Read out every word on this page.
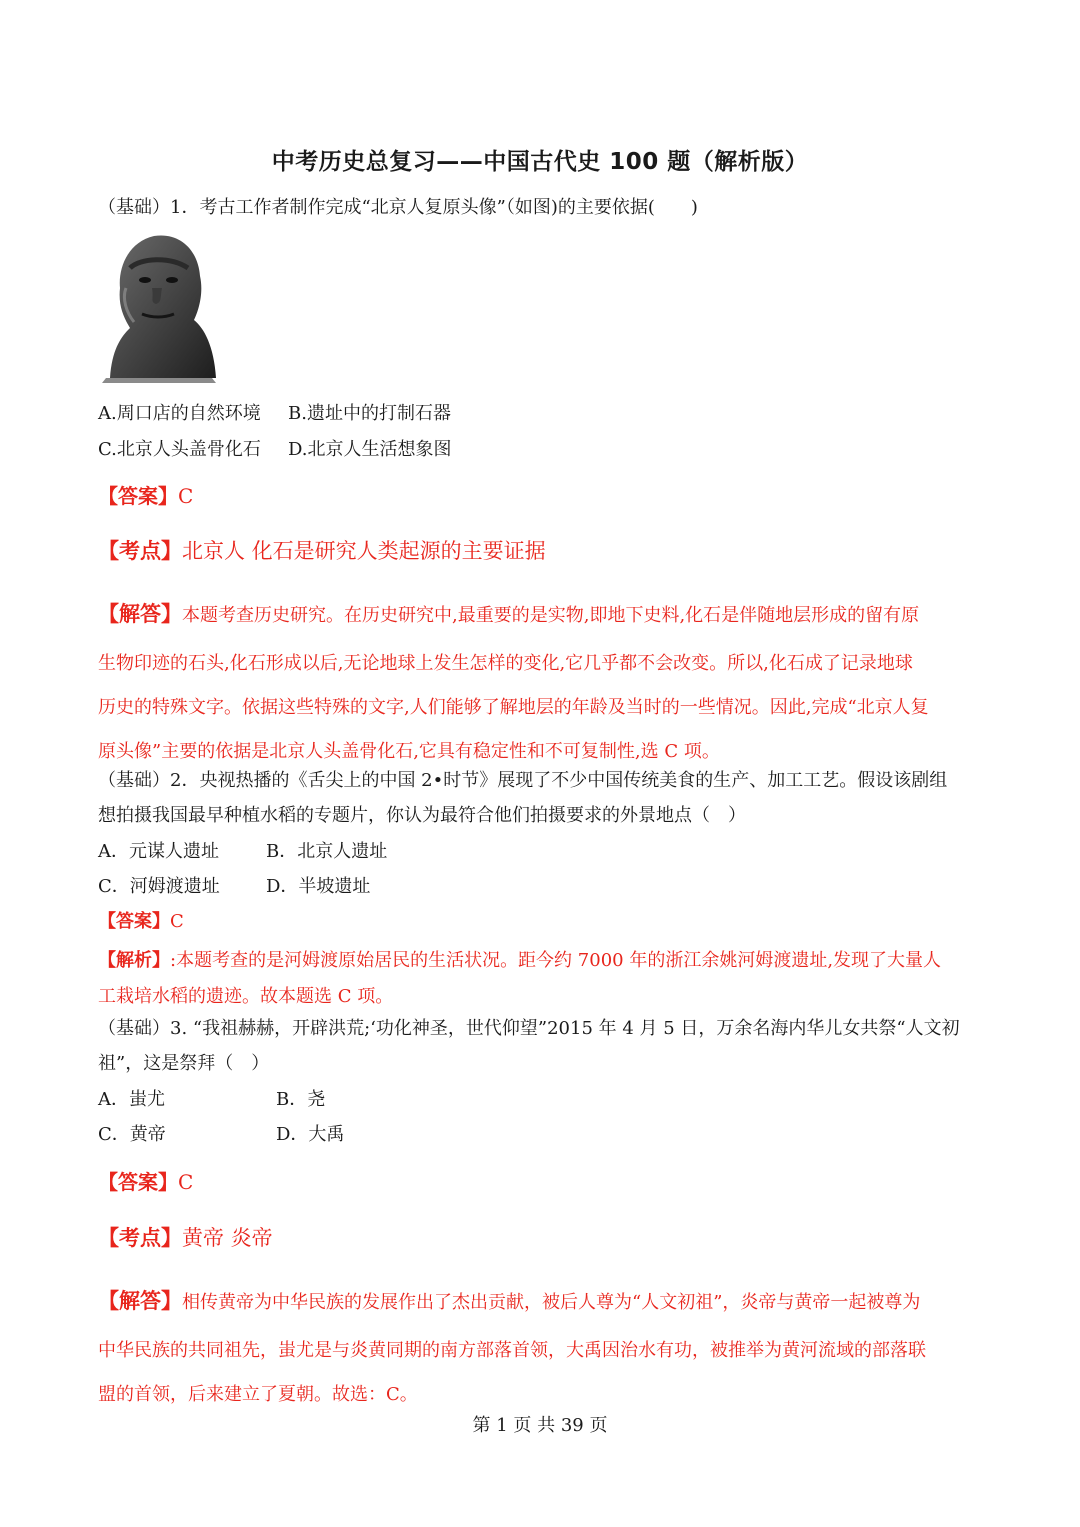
中考历史总复习——中国古代史 100 题（解析版）
（基础）1．考古工作者制作完成“北京人复原头像”（如图)的主要依据(　　)
A.周口店的自然环境 B.遗址中的打制石器
C.北京人头盖骨化石 D.北京人生活想象图
【答案】C
【考点】北京人 化石是研究人类起源的主要证据
【解答】本题考查历史研究。在历史研究中,最重要的是实物,即地下史料,化石是伴随地层形成的留有原
生物印迹的石头,化石形成以后,无论地球上发生怎样的变化,它几乎都不会改变。所以,化石成了记录地球
历史的特殊文字。依据这些特殊的文字,人们能够了解地层的年龄及当时的一些情况。因此,完成“北京人复
原头像”主要的依据是北京人头盖骨化石,它具有稳定性和不可复制性,选 C 项。
（基础）2．央视热播的《舌尖上的中国 2•时节》展现了不少中国传统美食的生产、加工工艺。假设该剧组
想拍摄我国最早种植水稻的专题片，你认为最符合他们拍摄要求的外景地点（　）
A．元谋人遗址	B．北京人遗址
C．河姆渡遗址	D．半坡遗址
【答案】C
【解析】:本题考查的是河姆渡原始居民的生活状况。距今约 7000 年的浙江余姚河姆渡遗址,发现了大量人
工栽培水稻的遗迹。故本题选 C 项。
（基础）3. “我祖赫赫，开辟洪荒;‘功化神圣，世代仰望”2015 年 4 月 5 日，万余名海内华儿女共祭“人文初
祖”，这是祭拜（　）
A．蚩尤	B．尧
C．黄帝	D．大禹
【答案】C
【考点】黄帝 炎帝
【解答】相传黄帝为中华民族的发展作出了杰出贡献，被后人尊为“人文初祖”，炎帝与黄帝一起被尊为
中华民族的共同祖先，蚩尤是与炎黄同期的南方部落首领，大禹因治水有功，被推举为黄河流域的部落联
盟的首领，后来建立了夏朝。故选：C。
第 1 页 共 39 页
